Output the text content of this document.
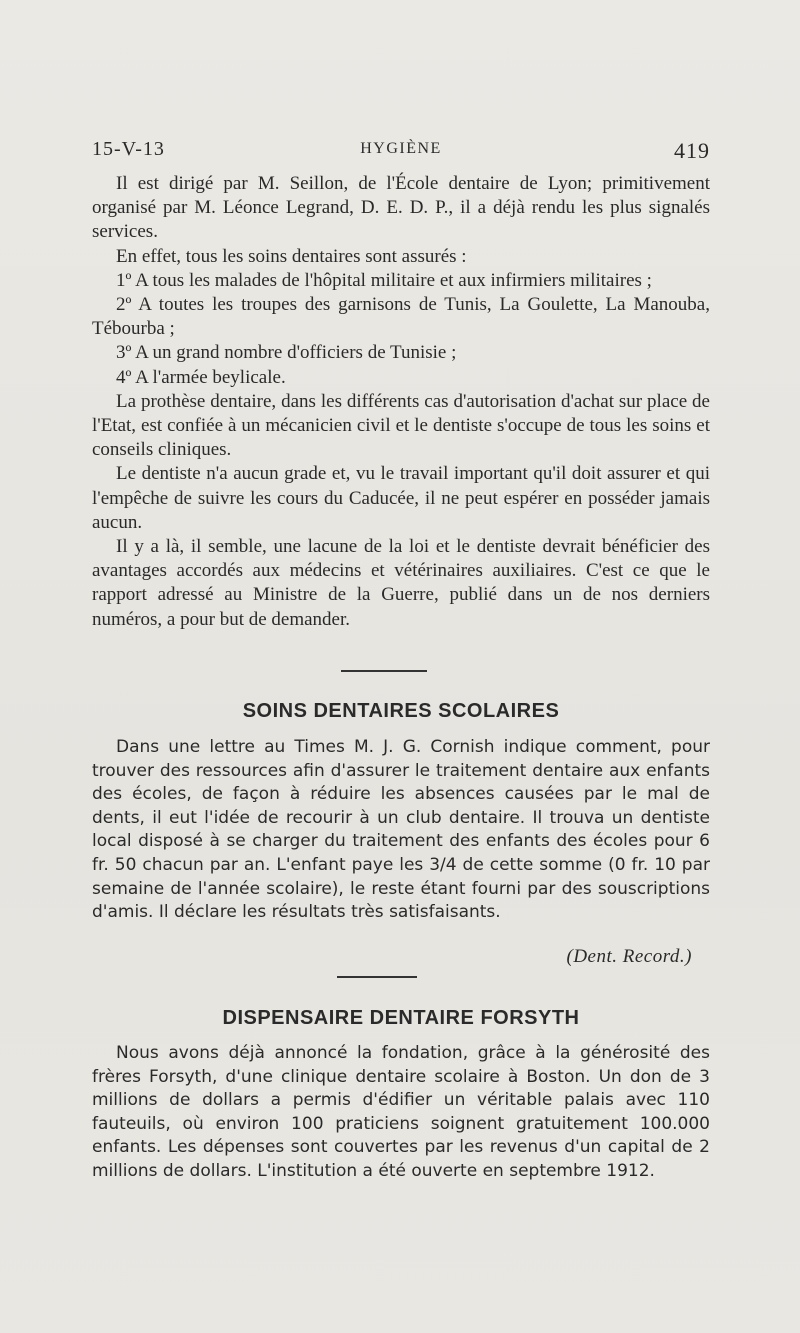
15-V-13	HYGIÈNE	419

Il est dirigé par M. Seillon, de l'École dentaire de Lyon; primitivement organisé par M. Léonce Legrand, D. E. D. P., il a déjà rendu les plus signalés services.

En effet, tous les soins dentaires sont assurés :

1º A tous les malades de l'hôpital militaire et aux infirmiers militaires ;

2º A toutes les troupes des garnisons de Tunis, La Goulette, La Manouba, Tébourba ;

3º A un grand nombre d'officiers de Tunisie ;

4º A l'armée beylicale.

La prothèse dentaire, dans les différents cas d'autorisation d'achat sur place de l'Etat, est confiée à un mécanicien civil et le dentiste s'occupe de tous les soins et conseils cliniques.

Le dentiste n'a aucun grade et, vu le travail important qu'il doit assurer et qui l'empêche de suivre les cours du Caducée, il ne peut espérer en posséder jamais aucun.

Il y a là, il semble, une lacune de la loi et le dentiste devrait bénéficier des avantages accordés aux médecins et vétérinaires auxiliaires. C'est ce que le rapport adressé au Ministre de la Guerre, publié dans un de nos derniers numéros, a pour but de demander.

SOINS DENTAIRES SCOLAIRES

Dans une lettre au Times M. J. G. Cornish indique comment, pour trouver des ressources afin d'assurer le traitement dentaire aux enfants des écoles, de façon à réduire les absences causées par le mal de dents, il eut l'idée de recourir à un club dentaire. Il trouva un dentiste local disposé à se charger du traitement des enfants des écoles pour 6 fr. 50 chacun par an. L'enfant paye les 3/4 de cette somme (0 fr. 10 par semaine de l'année scolaire), le reste étant fourni par des souscriptions d'amis. Il déclare les résultats très satisfaisants.

(Dent. Record.)
DISPENSAIRE DENTAIRE FORSYTH

Nous avons déjà annoncé la fondation, grâce à la générosité des frères Forsyth, d'une clinique dentaire scolaire à Boston. Un don de 3 millions de dollars a permis d'édifier un véritable palais avec 110 fauteuils, où environ 100 praticiens soignent gratuitement 100.000 enfants. Les dépenses sont couvertes par les revenus d'un capital de 2 millions de dollars. L'institution a été ouverte en septembre 1912.
